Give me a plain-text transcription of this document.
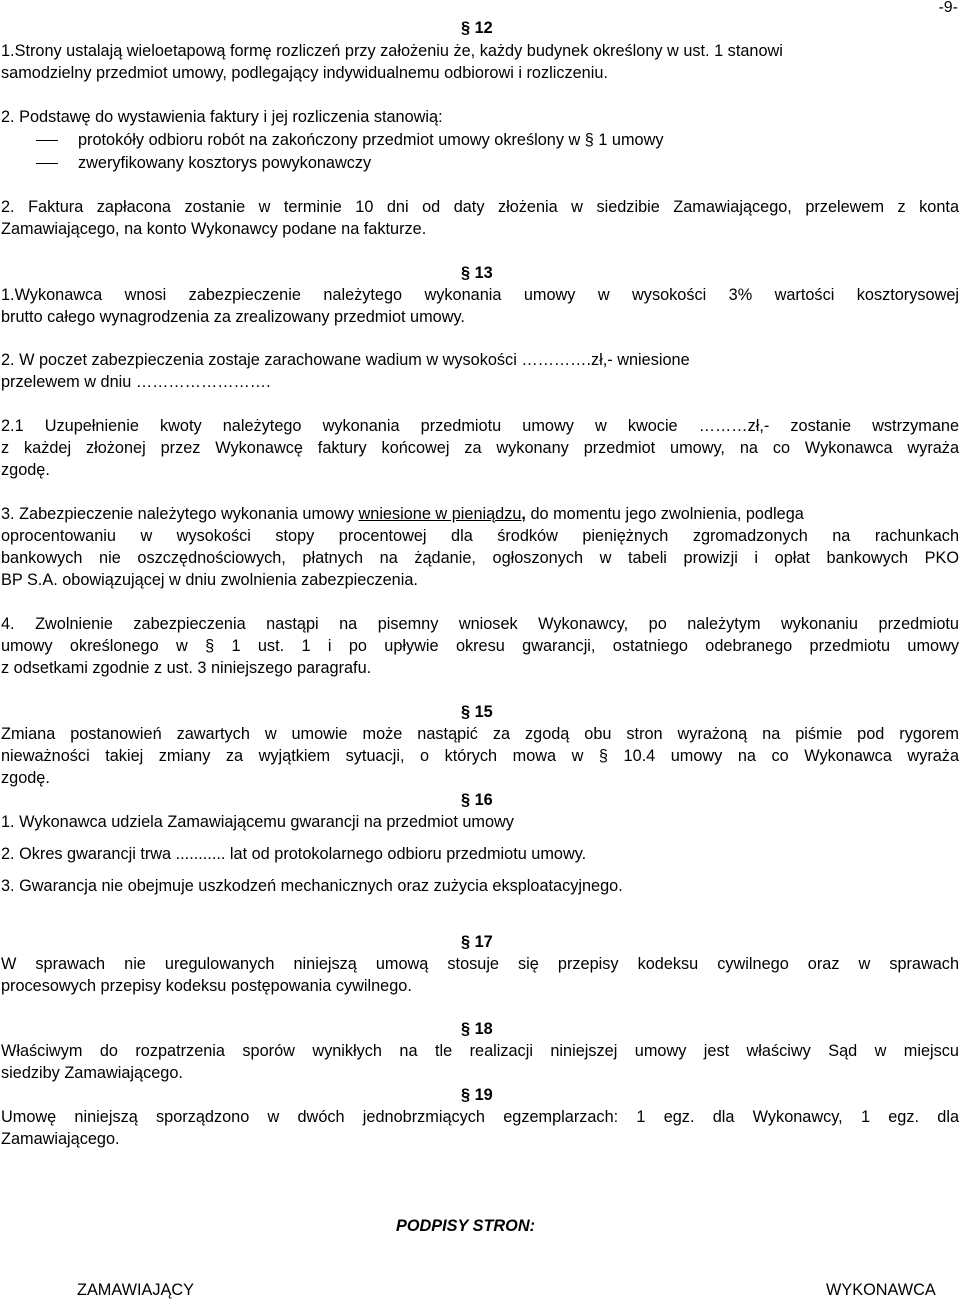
-9-
§ 12
1.Strony ustalają wieloetapową formę rozliczeń przy założeniu że, każdy budynek określony w ust. 1 stanowi
samodzielny przedmiot umowy, podlegający indywidualnemu odbiorowi i rozliczeniu.
2. Podstawę do wystawienia faktury i jej rozliczenia stanowią:
protokóły odbioru robót na zakończony przedmiot umowy określony w § 1 umowy
zweryfikowany kosztorys powykonawczy
2. Faktura zapłacona zostanie w terminie 10 dni od daty złożenia w siedzibie Zamawiającego, przelewem z konta
Zamawiającego, na konto Wykonawcy podane na fakturze.
§ 13
1.Wykonawca wnosi zabezpieczenie należytego wykonania umowy w wysokości 3% wartości kosztorysowej
brutto całego wynagrodzenia za zrealizowany przedmiot umowy.
2. W poczet zabezpieczenia zostaje zarachowane wadium w wysokości ………….zł,- wniesione
przelewem w dniu …………………….
2.1 Uzupełnienie kwoty należytego wykonania przedmiotu umowy w kwocie ………zł,- zostanie wstrzymane
z każdej złożonej przez Wykonawcę faktury końcowej za wykonany przedmiot umowy, na co Wykonawca wyraża
zgodę.
3. Zabezpieczenie należytego wykonania umowy wniesione w pieniądzu, do momentu jego zwolnienia, podlega
oprocentowaniu w wysokości stopy procentowej dla środków pieniężnych zgromadzonych na rachunkach
bankowych nie oszczędnościowych, płatnych na żądanie, ogłoszonych w tabeli prowizji i opłat bankowych PKO
BP S.A. obowiązującej w dniu zwolnienia zabezpieczenia.
4. Zwolnienie zabezpieczenia nastąpi na pisemny wniosek Wykonawcy, po należytym wykonaniu przedmiotu
umowy określonego w § 1 ust. 1 i po upływie okresu gwarancji, ostatniego odebranego przedmiotu umowy
z odsetkami zgodnie z ust. 3 niniejszego paragrafu.
§ 15
Zmiana postanowień zawartych w umowie może nastąpić za zgodą obu stron wyrażoną na piśmie pod rygorem
nieważności takiej zmiany za wyjątkiem sytuacji, o których mowa w § 10.4 umowy na co Wykonawca wyraża
zgodę.
§ 16
1. Wykonawca udziela Zamawiającemu gwarancji na przedmiot umowy
2. Okres gwarancji trwa ........... lat od protokolarnego odbioru przedmiotu umowy.
3. Gwarancja nie obejmuje uszkodzeń mechanicznych oraz zużycia eksploatacyjnego.
§ 17
W sprawach nie uregulowanych niniejszą umową stosuje się przepisy kodeksu cywilnego oraz w sprawach
procesowych przepisy kodeksu postępowania cywilnego.
§ 18
Właściwym do rozpatrzenia sporów wynikłych na tle realizacji niniejszej umowy jest właściwy Sąd w miejscu
siedziby Zamawiającego.
§ 19
Umowę niniejszą sporządzono w dwóch jednobrzmiących egzemplarzach: 1 egz. dla Wykonawcy, 1 egz. dla
Zamawiającego.
PODPISY STRON:
ZAMAWIAJĄCY	WYKONAWCA
